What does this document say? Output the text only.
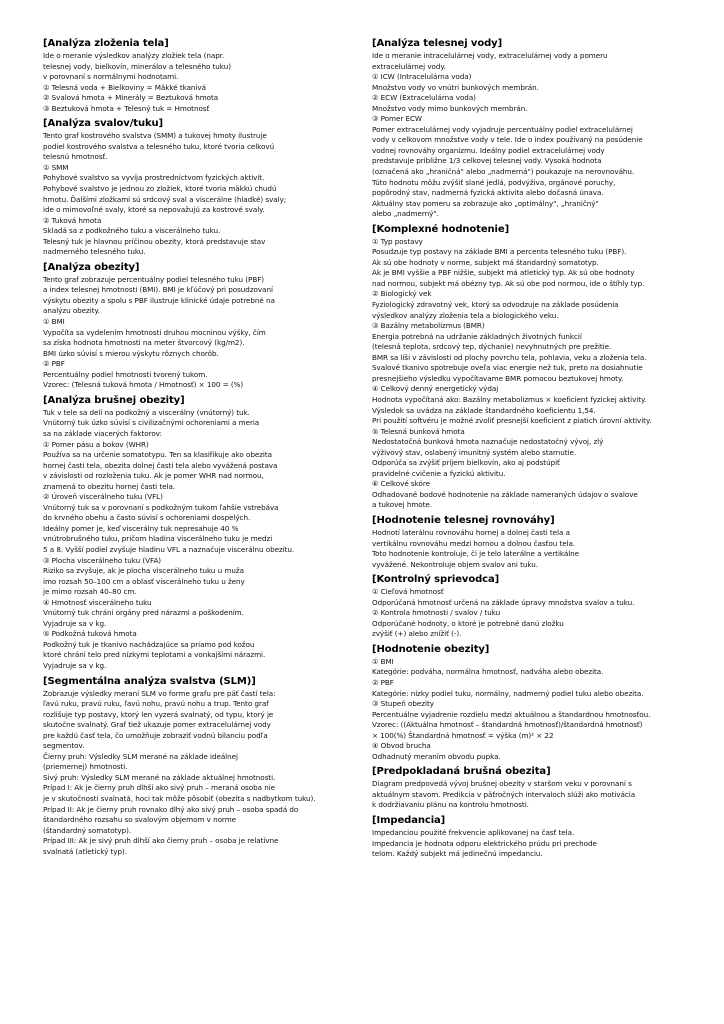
[Analýza zloženia tela]
Ide o meranie výsledkov analýzy zložiek tela (napr.
telesnej vody, bielkovín, minerálov a telesného tuku)
v porovnaní s normálnymi hodnotami.
① Telesná voda + Bielkoviny = Mäkké tkanivá
② Svalová hmota + Minerály = Beztuková hmota
③ Beztuková hmota + Telesný tuk = Hmotnosť
[Analýza svalov/tuku]
Tento graf kostrového svalstva (SMM) a tukovej hmoty ilustruje
podiel kostrového svalstva a telesného tuku, ktoré tvoria celkovú
telesnú hmotnosť.
① SMM
Pohybové svalstvo sa vyvíja prostredníctvom fyzických aktivít.
Pohybové svalstvo je jednou zo zložiek, ktoré tvoria mäkkú chudú
hmotu. Ďalšími zložkami sú srdcový sval a viscerálne (hladké) svaly;
ide o mimovoľné svaly, ktoré sa nepovažujú za kostrové svaly.
② Tuková hmota
Skladá sa z podkožného tuku a viscerálneho tuku.
Telesný tuk je hlavnou príčinou obezity, ktorá predstavuje stav
nadmerného telesného tuku.
[Analýza obezity]
Tento graf zobrazuje percentuálny podiel telesného tuku (PBF)
a index telesnej hmotnosti (BMI). BMI je kľúčový pri posudzovaní
výskytu obezity a spolu s PBF ilustruje klinické údaje potrebné na
analýzu obezity.
① BMI
Vypočíta sa vydelením hmotnosti druhou mocninou výšky, čím
sa získa hodnota hmotnosti na meter štvorcový (kg/m2).
BMI úzko súvisí s mierou výskytu rôznych chorôb.
② PBF
Percentuálny podiel hmotnosti tvorený tukom.
Vzorec: (Telesná tuková hmota / Hmotnosť) × 100 = (%)
[Analýza brušnej obezity]
Tuk v tele sa delí na podkožný a viscerálny (vnútorný) tuk.
Vnútorný tuk úzko súvisí s civilizačnými ochoreniami a meria
sa na základe viacerých faktorov:
① Pomer pásu a bokov (WHR)
Používa sa na určenie somatotypu. Ten sa klasifikuje ako obezita
hornej časti tela, obezita dolnej časti tela alebo vyvážená postava
v závislosti od rozloženia tuku. Ak je pomer WHR nad normou,
znamená to obezitu hornej časti tela.
② Úroveň viscerálneho tuku (VFL)
Vnútorný tuk sa v porovnaní s podkožným tukom ľahšie vstrebáva
do krvného obehu a často súvisí s ochoreniami dospelých.
Ideálny pomer je, keď viscerálny tuk nepresahuje 40 %
vnútrobrušného tuku, pričom hladina viscerálneho tuku je medzi
5 a 8. Vyšší podiel zvyšuje hladinu VFL a naznačuje viscerálnu obezitu.
③ Plocha viscerálneho tuku (VFA)
Riziko sa zvyšuje, ak je plocha viscerálneho tuku u muža
imo rozsah 50–100 cm a oblasť viscerálneho tuku u ženy
je mimo rozsah 40–80 cm.
④ Hmotnosť viscerálneho tuku
Vnútorný tuk chráni orgány pred nárazmi a poškodením.
Vyjadruje sa v kg.
⑤ Podkožná tuková hmota
Podkožný tuk je tkanivo nachádzajúce sa priamo pod kožou
ktoré chráni telo pred nízkymi teplotami a vonkajšími nárazmi.
Vyjadruje sa v kg.
[Segmentálna analýza svalstva (SLM)]
Zobrazuje výsledky meraní SLM vo forme grafu pre päť častí tela:
ľavú ruku, pravú ruku, ľavú nohu, pravú nohu a trup. Tento graf
rozlišuje typ postavy, ktorý len vyzerá svalnatý, od typu, ktorý je
skutočne svalnatý. Graf tiež ukazuje pomer extracelulárnej vody
pre každú časť tela, čo umožňuje zobraziť vodnú bilanciu podľa
segmentov.
Čierny pruh: Výsledky SLM merané na základe ideálnej
(priemernej) hmotnosti.
Sivý pruh: Výsledky SLM merané na základe aktuálnej hmotnosti.
Prípad I: Ak je čierny pruh dlhší ako sivý pruh – meraná osoba nie
je v skutočnosti svalnatá, hoci tak môže pôsobiť (obezita s nadbytkom tuku).
Prípad II: Ak je čierny pruh rovnako dlhý ako sivý pruh – osoba spadá do
štandardného rozsahu so svalovým objemom v norme
(štandardný somatotyp).
Prípad III: Ak je sivý pruh dlhší ako čierny pruh – osoba je relatívne
svalnatá (atletický typ).
[Analýza telesnej vody]
Ide o meranie intracelulárnej vody, extracelulárnej vody a pomeru
extracelulárnej vody.
① ICW (Intracelulárna voda)
Množstvo vody vo vnútri bunkových membrán.
② ECW (Extracelulárna voda)
Množstvo vody mimo bunkových membrán.
③ Pomer ECW
Pomer extracelulárnej vody vyjadruje percentuálny podiel extracelulárnej
vody v celkovom množstve vody v tele. Ide o index používaný na posúdenie
vodnej rovnováhy organizmu. Ideálny podiel extracelulárnej vody
predstavuje približne 1/3 celkovej telesnej vody. Vysoká hodnota
(označená ako „hraničná" alebo „nadmerná") poukazuje na nerovnováhu.
Túto hodnotu môžu zvýšiť slané jedlá, podvýživa, orgánové poruchy,
popôrodný stav, nadmerná fyzická aktivita alebo dočasná únava.
Aktuálny stav pomeru sa zobrazuje ako „optimálny", „hraničný"
alebo „nadmerný".
[Komplexné hodnotenie]
① Typ postavy
Posudzuje typ postavy na základe BMI a percenta telesného tuku (PBF).
Ak sú obe hodnoty v norme, subjekt má štandardný somatotyp.
Ak je BMI vyššie a PBF nižšie, subjekt má atletický typ. Ak sú obe hodnoty
nad normou, subjekt má obézny typ. Ak sú obe pod normou, ide o štíhly typ.
② Biologický vek
Fyziologický zdravotný vek, ktorý sa odvodzuje na základe posúdenia
výsledkov analýzy zloženia tela a biologického veku.
③ Bazálny metabolizmus (BMR)
Energia potrebná na udržanie základných životných funkcií
(telesná teplota, srdcový tep, dýchanie) nevyhnutných pre prežitie.
BMR sa líši v závislosti od plochy povrchu tela, pohlavia, veku a zloženia tela.
Svalové tkanivo spotrebuje oveľa viac energie než tuk, preto na dosiahnutie
presnejšieho výsledku vypočítavame BMR pomocou beztukovej hmoty.
④ Celkový denný energetický výdaj
Hodnota vypočítaná ako: Bazálny metabolizmus × koeficient fyzickej aktivity.
Výsledok sa uvádza na základe štandardného koeficientu 1,54.
Pri použití softvéru je možné zvoliť presnejší koeficient z piatich úrovní aktivity.
⑤ Telesná bunková hmota
Nedostatočná bunková hmota naznačuje nedostatočný vývoj, zlý
výživový stav, oslabený imunitný systém alebo starnutie.
Odporúča sa zvýšiť príjem bielkovín, ako aj podstúpiť
pravidelné cvičenie a fyzickú aktivitu.
⑥ Celkové skóre
Odhadované bodové hodnotenie na základe nameraných údajov o svalove
a tukovej hmote.
[Hodnotenie telesnej rovnováhy]
Hodnotí laterálnu rovnováhu hornej a dolnej časti tela a
vertikálnu rovnováhu medzi hornou a dolnou časťou tela.
Toto hodnotenie kontroluje, či je telo laterálne a vertikálne
vyvážené. Nekontroluje objem svalov ani tuku.
[Kontrolný sprievodca]
① Cieľová hmotnosť
Odporúčaná hmotnosť určená na základe úpravy množstva svalov a tuku.
② Kontrola hmotnosti / svalov / tuku
Odporúčané hodnoty, o ktoré je potrebné danú zložku
zvýšiť (+) alebo znížiť (-).
[Hodnotenie obezity]
① BMI
Kategórie: podváha, normálna hmotnosť, nadváha alebo obezita.
② PBF
Kategórie: nízky podiel tuku, normálny, nadmerný podiel tuku alebo obezita.
③ Stupeň obezity
Percentuálne vyjadrenie rozdielu medzi aktuálnou a štandardnou hmotnosťou.
Vzorec: ((Aktuálna hmotnosť – štandardná hmotnosť)/štandardná hmotnosť)
× 100(%) Štandardná hmotnosť = výška (m)² × 22
④ Obvod brucha
Odhadnutý meraním obvodu pupka.
[Predpokladaná brušná obezita]
Diagram predpovedá vývoj brušnej obezity v staršom veku v porovnaní s
aktuálnym stavom. Predikcia v päťročných intervaloch slúži ako motivácia
k dodržiavaniu plánu na kontrolu hmotnosti.
[Impedancia]
Impedanciou použité frekvencie aplikovanej na časť tela.
Impedancia je hodnota odporu elektrického prúdu pri prechode
telom. Každý subjekt má jedinečnú impedanciu.
